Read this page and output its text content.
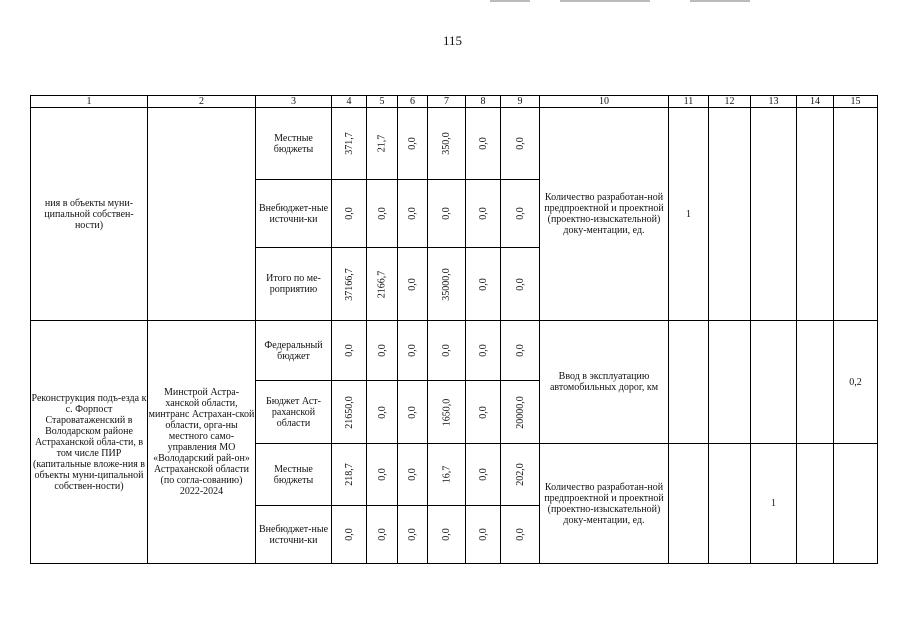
115
1	2	3	4	5	6	7	8	9	10	11	12	13	14	15
ния в объекты муни-ципальной собствен-ности)		Местные бюджеты	371,7	21,7	0,0	350,0	0,0	0,0	Количество разработан-ной предпроектной и проектной (проектно-изыскательной) доку-ментации, ед.	1				
		Внебюджет-ные источни-ки	0,0	0,0	0,0	0,0	0,0	0,0						
		Итого по ме-роприятию	37166,7	2166,7	0,0	35000,0	0,0	0,0						
Реконструкция подъ-езда к с. Форпост Староватаженский в Володарском районе Астраханской обла-сти, в том числе ПИР (капитальные вложе-ния в объекты муни-ципальной собствен-ности)	Минстрой Астра-ханской области, минтранс Астрахан-ской области, орга-ны местного само-управления МО «Володарский рай-он» Астраханской области (по согла-сованию) 2022-2024	Федеральный бюджет	0,0	0,0	0,0	0,0	0,0	0,0	Ввод в эксплуатацию автомобильных дорог, км					0,2
		Бюджет Аст-раханской области	21650,0	0,0	0,0	1650,0	0,0	20000,0						
		Местные бюджеты	218,7	0,0	0,0	16,7	0,0	202,0	Количество разработан-ной предпроектной и проектной (проектно-изыскательной) доку-ментации, ед.			1		
		Внебюджет-ные источни-ки	0,0	0,0	0,0	0,0	0,0	0,0						
